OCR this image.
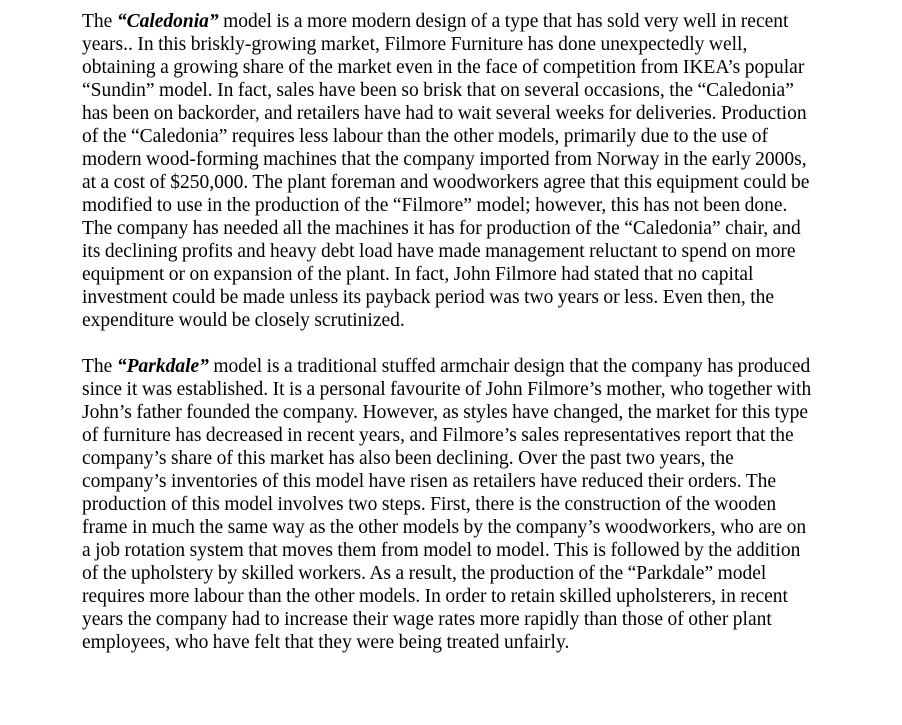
The “Caledonia” model is a more modern design of a type that has sold very well in recent years.. In this briskly-growing market, Filmore Furniture has done unexpectedly well, obtaining a growing share of the market even in the face of competition from IKEA’s popular “Sundin” model. In fact, sales have been so brisk that on several occasions, the “Caledonia” has been on backorder, and retailers have had to wait several weeks for deliveries. Production of the “Caledonia” requires less labour than the other models, primarily due to the use of modern wood-forming machines that the company imported from Norway in the early 2000s, at a cost of $250,000. The plant foreman and woodworkers agree that this equipment could be modified to use in the production of the “Filmore” model; however, this has not been done. The company has needed all the machines it has for production of the “Caledonia” chair, and its declining profits and heavy debt load have made management reluctant to spend on more equipment or on expansion of the plant. In fact, John Filmore had stated that no capital investment could be made unless its payback period was two years or less. Even then, the expenditure would be closely scrutinized.

The “Parkdale” model is a traditional stuffed armchair design that the company has produced since it was established. It is a personal favourite of John Filmore’s mother, who together with John’s father founded the company. However, as styles have changed, the market for this type of furniture has decreased in recent years, and Filmore’s sales representatives report that the company’s share of this market has also been declining. Over the past two years, the company’s inventories of this model have risen as retailers have reduced their orders. The production of this model involves two steps. First, there is the construction of the wooden frame in much the same way as the other models by the company’s woodworkers, who are on a job rotation system that moves them from model to model. This is followed by the addition of the upholstery by skilled workers. As a result, the production of the “Parkdale” model requires more labour than the other models. In order to retain skilled upholsterers, in recent years the company had to increase their wage rates more rapidly than those of other plant employees, who have felt that they were being treated unfairly.
